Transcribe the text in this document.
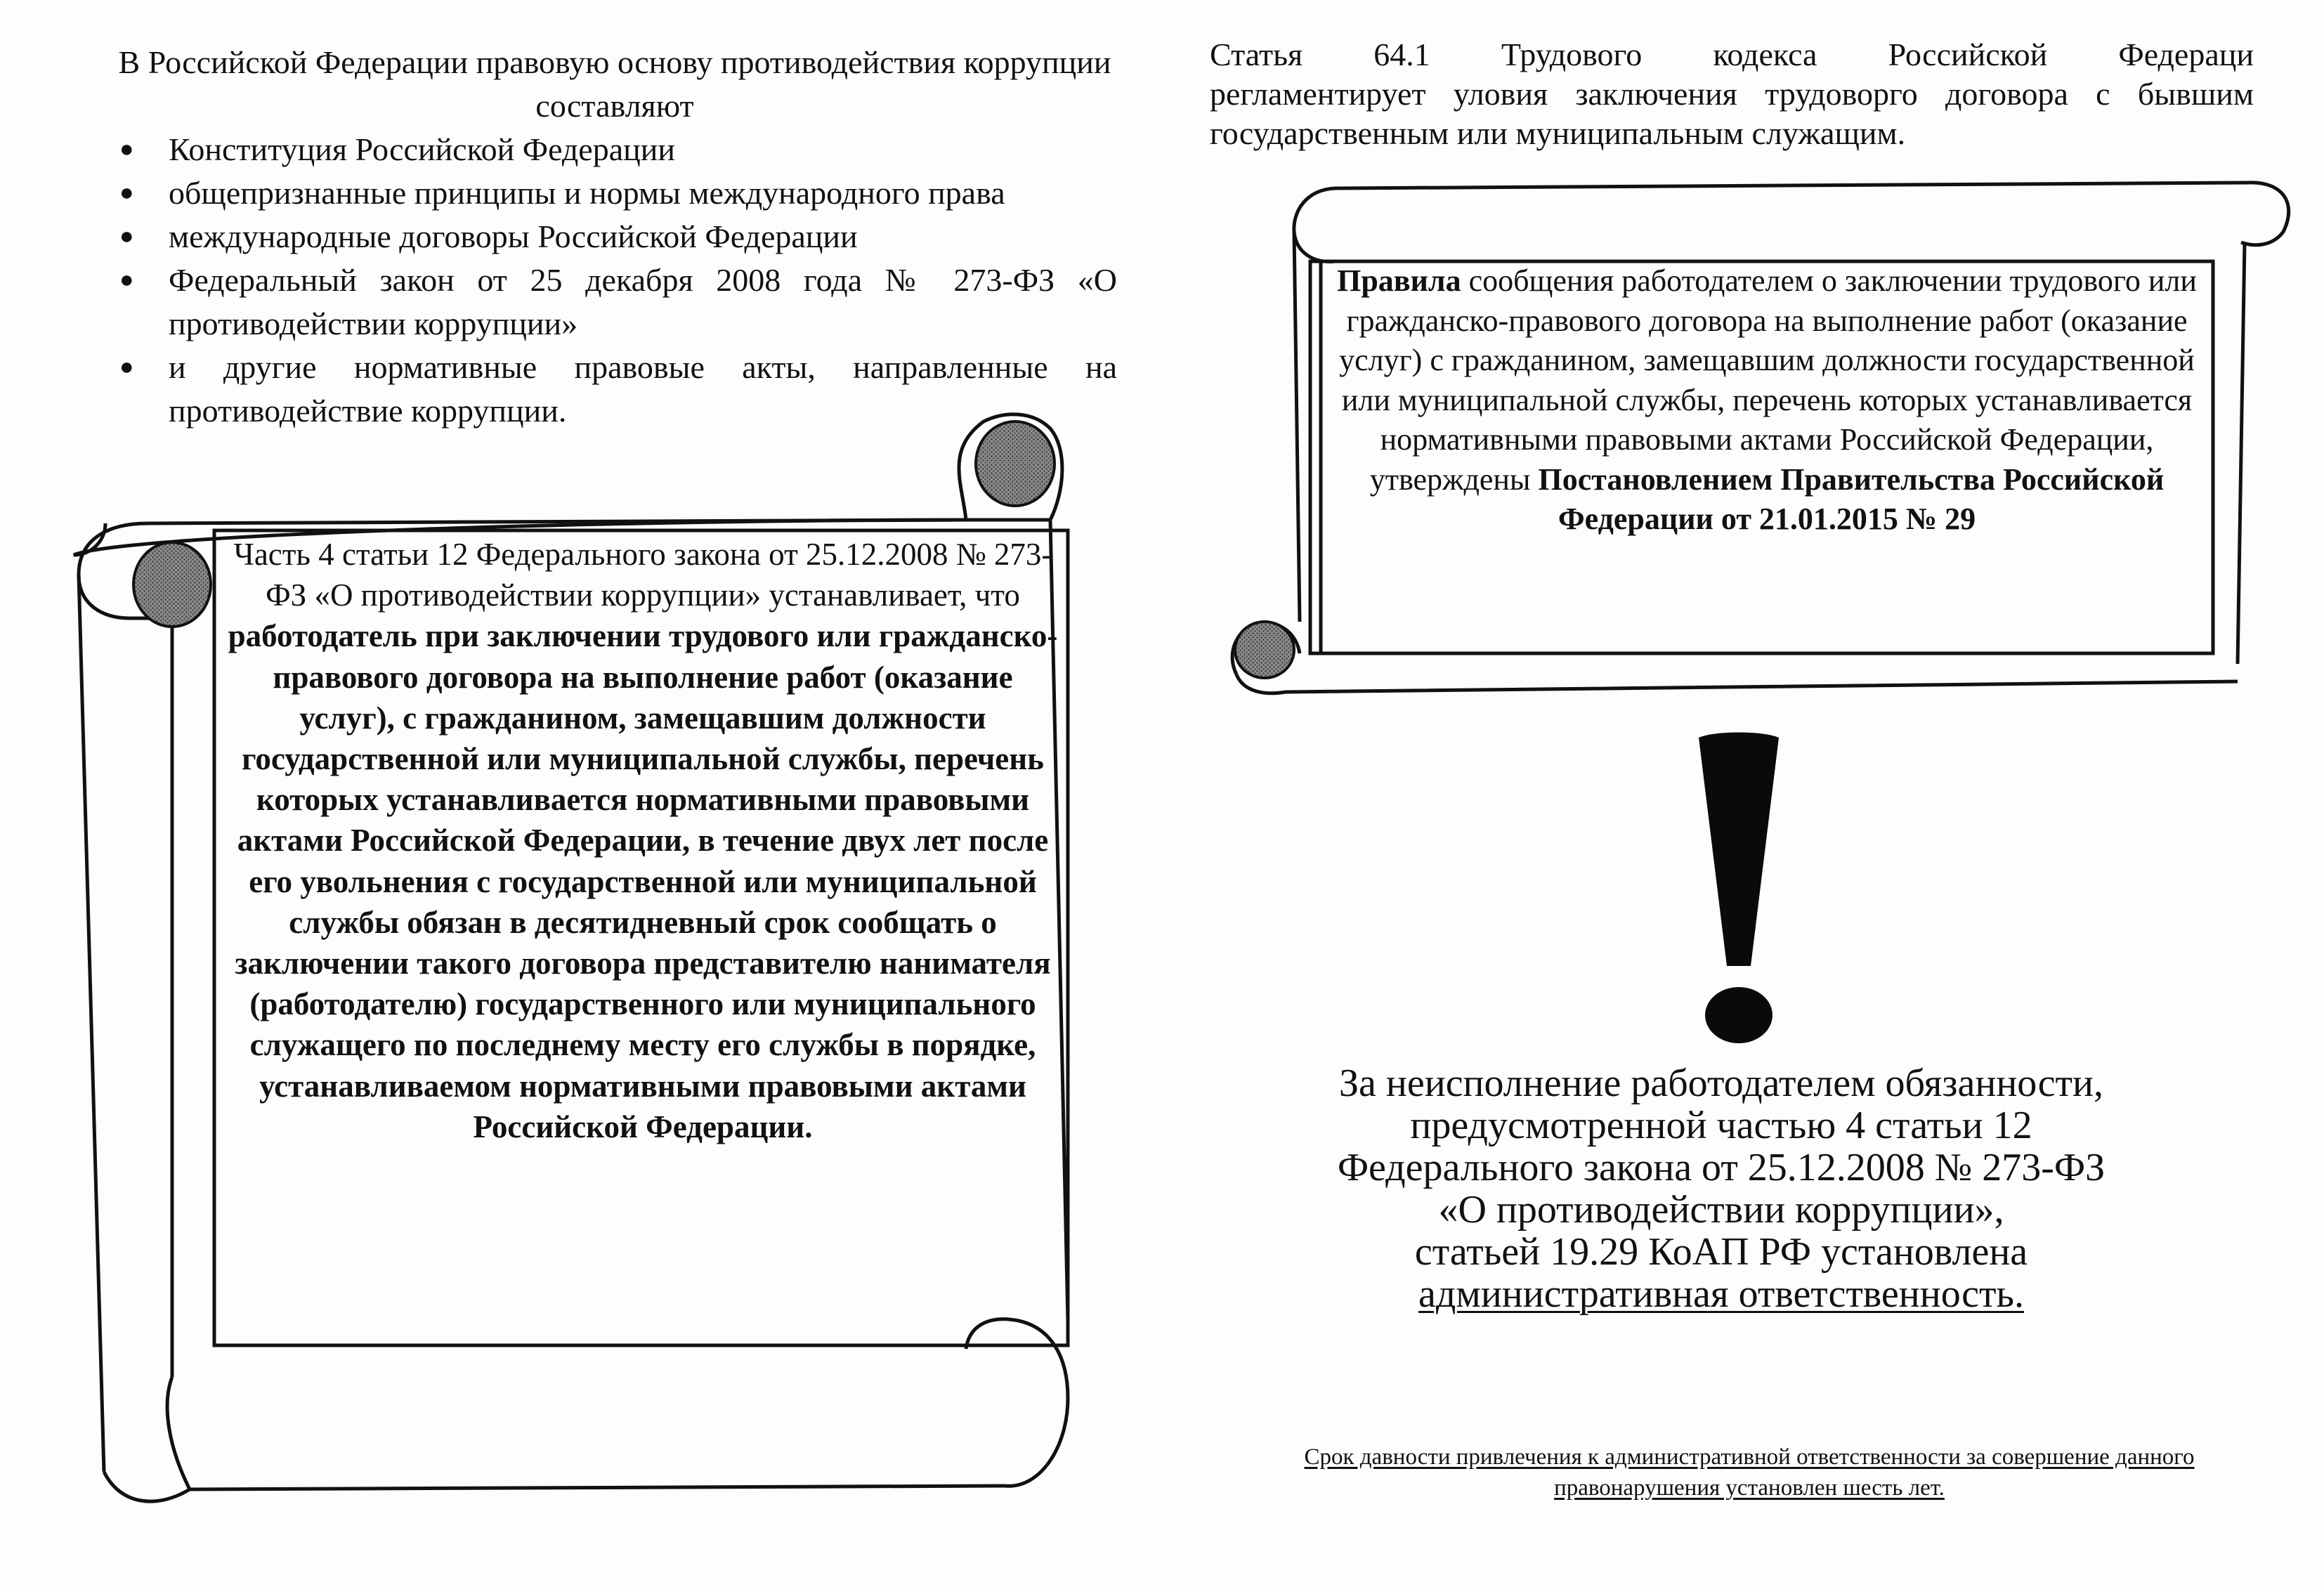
В Российской Федерации правовую основу противодействия коррупции составляют

● Конституция Российской Федерации
● общепризнанные принципы и нормы международного права
● международные договоры Российской Федерации
● Федеральный закон от 25 декабря 2008 года № 273-ФЗ «О противодействии коррупции»
● и другие нормативные правовые акты, направленные на противодействие коррупции.
Часть 4 статьи 12 Федерального закона от 25.12.2008 № 273-ФЗ «О противодействии коррупции» устанавливает, что работодатель при заключении трудового или гражданско-правового договора на выполнение работ (оказание услуг), с гражданином, замещавшим должности государственной или муниципальной службы, перечень которых устанавливается нормативными правовыми актами Российской Федерации, в течение двух лет после его увольнения с государственной или муниципальной службы обязан в десятидневный срок сообщать о заключении такого договора представителю нанимателя (работодателю) государственного или муниципального служащего по последнему месту его службы в порядке, устанавливаемом нормативными правовыми актами Российской Федерации.
Статья 64.1 Трудового кодекса Российской Федераци
регламентирует уловия заключения трудоворго договора с бывшим государственным или муниципальным служащим.
Правила сообщения работодателем о заключении трудового или гражданско-правового договора на выполнение работ (оказание услуг) с гражданином, замещавшим должности государственной или муниципальной службы, перечень которых устанавливается нормативными правовыми актами Российской Федерации, утверждены Постановлением Правительства Российской Федерации от 21.01.2015 № 29
За неисполнение работодателем обязанности,
предусмотренной частью 4 статьи 12
Федерального закона от 25.12.2008 № 273-ФЗ
«О противодействии коррупции»,
статьей 19.29 КоАП РФ установлена
административная ответственность.
Срок давности привлечения к административной ответственности за совершение данного правонарушения установлен шесть лет.
